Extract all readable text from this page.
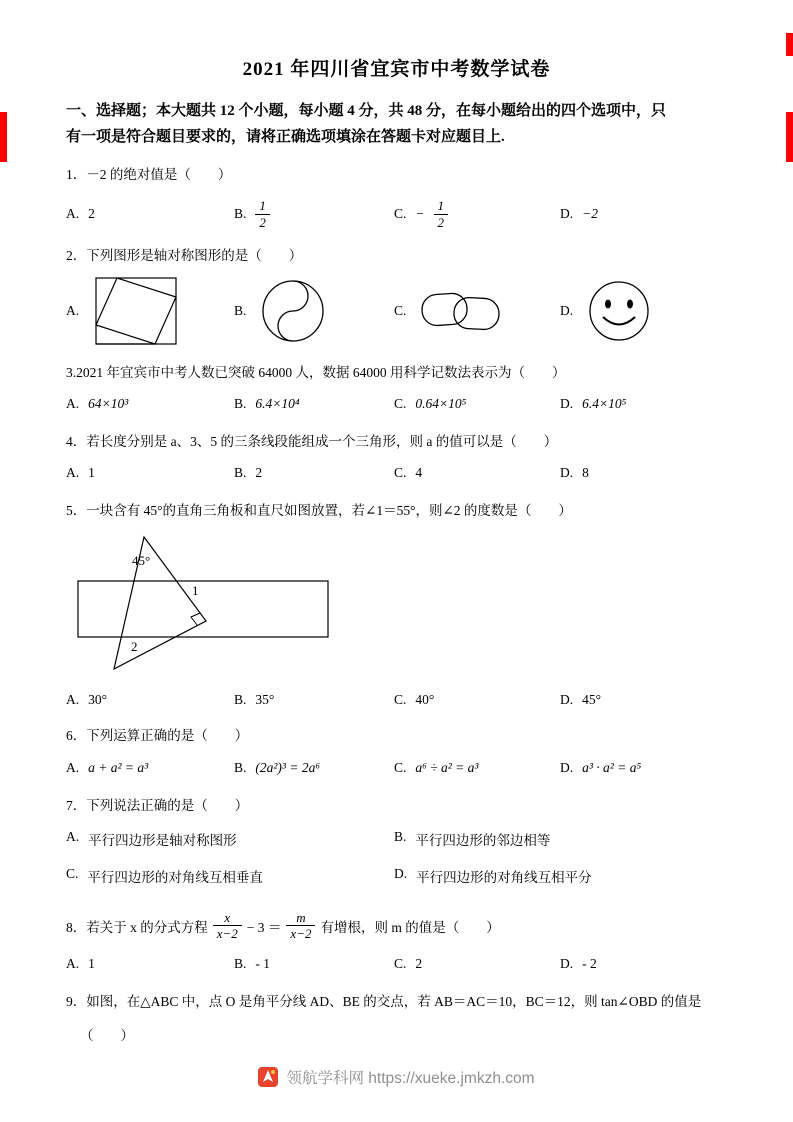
2021 年四川省宜宾市中考数学试卷
一、选择题；本大题共 12 个小题，每小题 4 分，共 48 分，在每小题给出的四个选项中，只
有一项是符合题目要求的，请将正确选项填涂在答题卡对应题目上.
1．－2 的绝对值是（　　）
A. 2	B. $\frac{1}{2}$	C. − $\frac{1}{2}$	D. −2
2．下列图形是轴对称图形的是（　　）
A.	B.	C.	D.
3.2021 年宜宾市中考人数已突破 64000 人，数据 64000 用科学记数法表示为（　　）
A. 64×10³	B. 6.4×10⁴	C. 0.64×10⁵	D. 6.4×10⁵
4．若长度分别是 a、3、5 的三条线段能组成一个三角形，则 a 的值可以是（　　）
A. 1	B. 2	C. 4	D. 8
5．一块含有 45°的直角三角板和直尺如图放置，若∠1＝55°，则∠2 的度数是（　　）
45°
1
2
A. 30°	B. 35°	C. 40°	D. 45°
6．下列运算正确的是（　　）
A. a + a² = a³	B. (2a²)³ = 2a⁶	C. a⁶ ÷ a² = a³	D. a³ · a² = a⁵
7．下列说法正确的是（　　）
A. 平行四边形是轴对称图形	B. 平行四边形的邻边相等
C. 平行四边形的对角线互相垂直	D. 平行四边形的对角线互相平分
8．若关于 x 的分式方程 $\frac{x}{x-2} - 3 = \frac{m}{x-2}$ 有增根，则 m 的值是（　　）
A. 1	B. - 1	C. 2	D. - 2
9．如图，在△ABC 中，点 O 是角平分线 AD、BE 的交点，若 AB＝AC＝10，BC＝12，则 tan∠OBD 的值是
（　　）
领航学科网 https://xueke.jmkzh.com
